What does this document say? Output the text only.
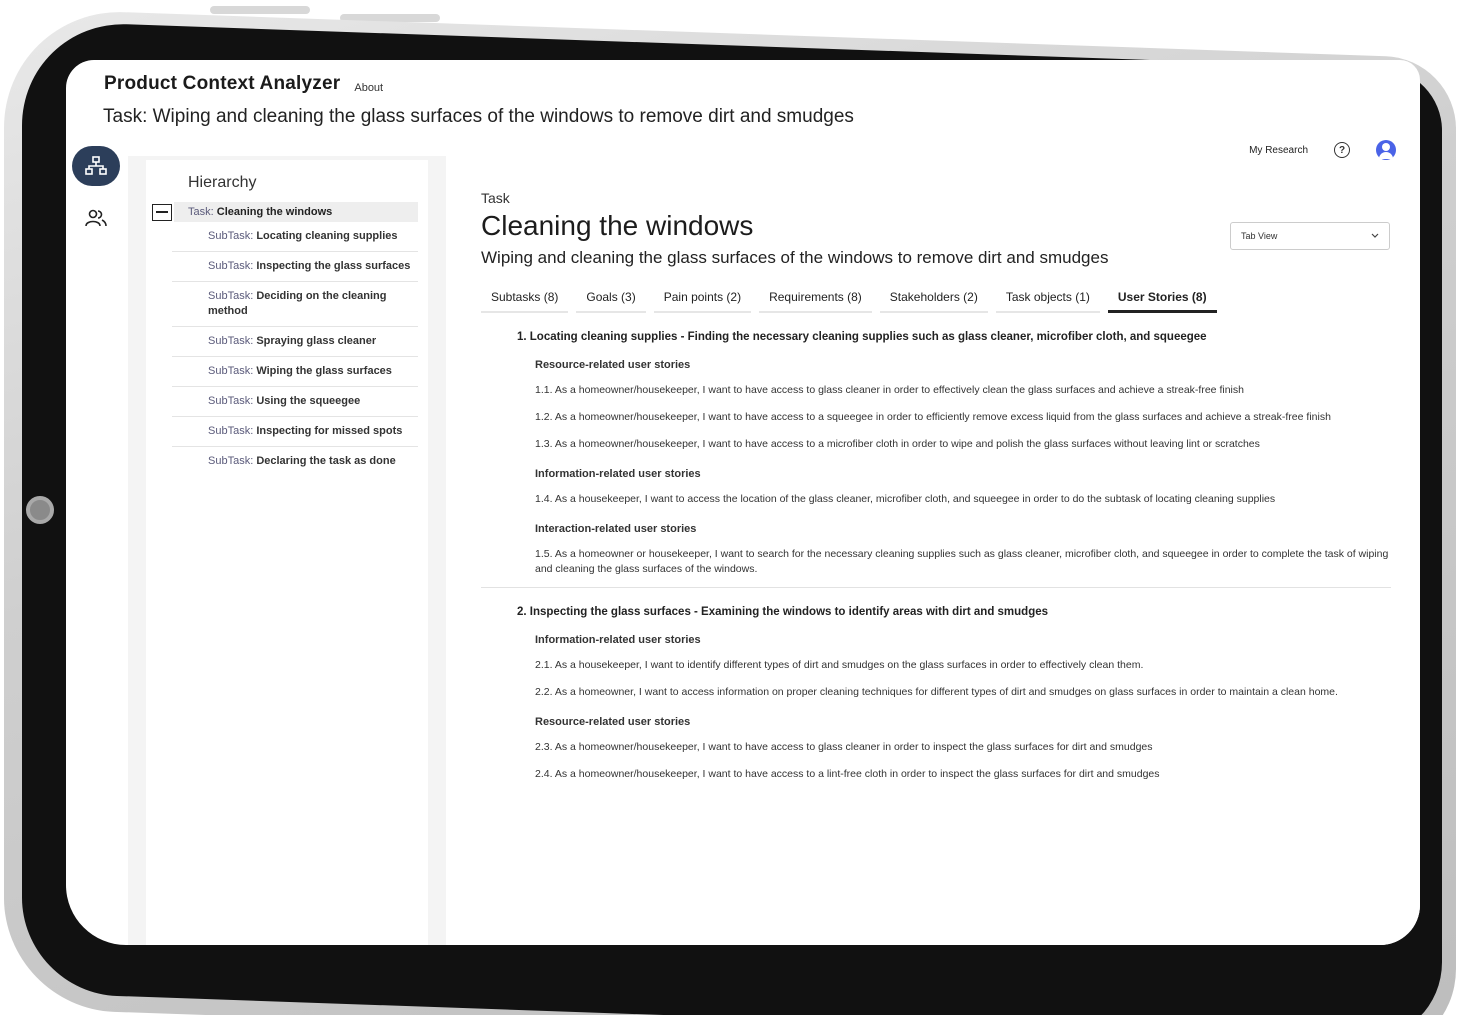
Product Context Analyzer About
Task: Wiping and cleaning the glass surfaces of the windows to remove dirt and smudges
My Research	?
Hierarchy
Task: Cleaning the windows
SubTask: Locating cleaning supplies
SubTask: Inspecting the glass surfaces
SubTask: Deciding on the cleaning method
SubTask: Spraying glass cleaner
SubTask: Wiping the glass surfaces
SubTask: Using the squeegee
SubTask: Inspecting for missed spots
SubTask: Declaring the task as done
Task
Cleaning the windows
Wiping and cleaning the glass surfaces of the windows to remove dirt and smudges
Tab View
Subtasks (8)	Goals (3)	Pain points (2)	Requirements (8)	Stakeholders (2)	Task objects (1)	User Stories (8)
1. Locating cleaning supplies - Finding the necessary cleaning supplies such as glass cleaner, microfiber cloth, and squeegee
Resource-related user stories
1.1. As a homeowner/housekeeper, I want to have access to glass cleaner in order to effectively clean the glass surfaces and achieve a streak-free finish
1.2. As a homeowner/housekeeper, I want to have access to a squeegee in order to efficiently remove excess liquid from the glass surfaces and achieve a streak-free finish
1.3. As a homeowner/housekeeper, I want to have access to a microfiber cloth in order to wipe and polish the glass surfaces without leaving lint or scratches
Information-related user stories
1.4. As a housekeeper, I want to access the location of the glass cleaner, microfiber cloth, and squeegee in order to do the subtask of locating cleaning supplies
Interaction-related user stories
1.5. As a homeowner or housekeeper, I want to search for the necessary cleaning supplies such as glass cleaner, microfiber cloth, and squeegee in order to complete the task of wiping and cleaning the glass surfaces of the windows.
2. Inspecting the glass surfaces - Examining the windows to identify areas with dirt and smudges
Information-related user stories
2.1. As a housekeeper, I want to identify different types of dirt and smudges on the glass surfaces in order to effectively clean them.
2.2. As a homeowner, I want to access information on proper cleaning techniques for different types of dirt and smudges on glass surfaces in order to maintain a clean home.
Resource-related user stories
2.3. As a homeowner/housekeeper, I want to have access to glass cleaner in order to inspect the glass surfaces for dirt and smudges
2.4. As a homeowner/housekeeper, I want to have access to a lint-free cloth in order to inspect the glass surfaces for dirt and smudges
